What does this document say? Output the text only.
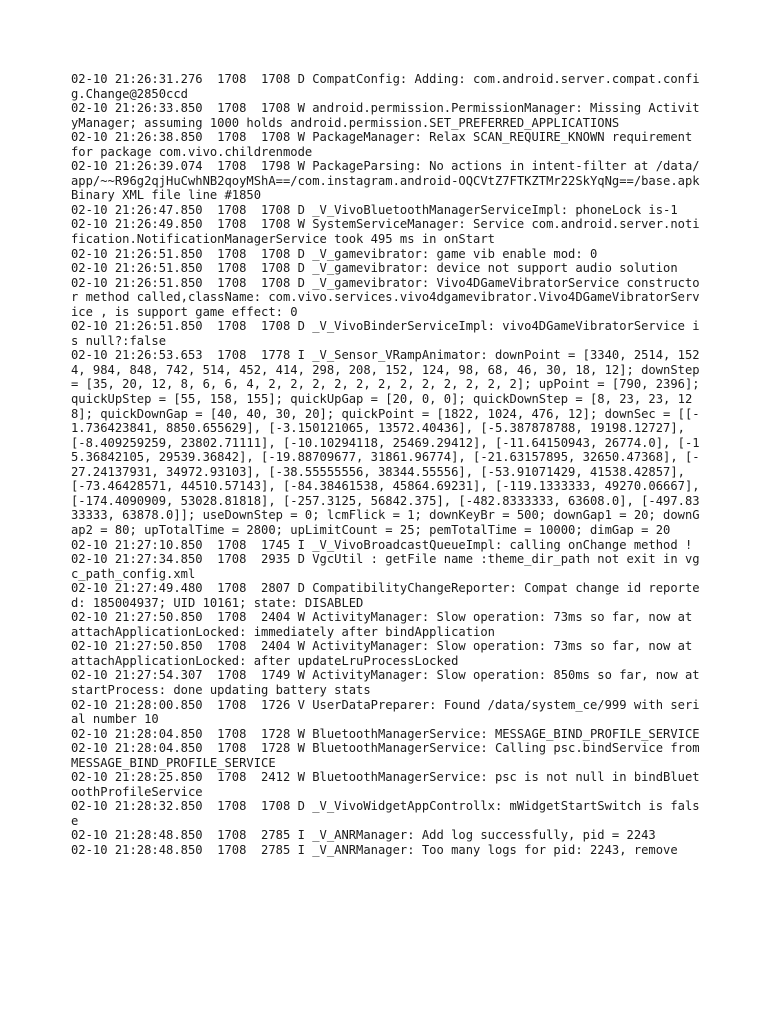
02-10 21:26:31.276  1708  1708 D CompatConfig: Adding: com.android.server.compat.config.Change@2850ccd

02-10 21:26:33.850  1708  1708 W android.permission.PermissionManager: Missing ActivityManager; assuming 1000 holds android.permission.SET_PREFERRED_APPLICATIONS

02-10 21:26:38.850  1708  1708 W PackageManager: Relax SCAN_REQUIRE_KNOWN requirement for package com.vivo.childrenmode

02-10 21:26:39.074  1708  1798 W PackageParsing: No actions in intent-filter at /data/app/~~R96g2qjHuCwhNB2qoyMShA==/com.instagram.android-OQCVtZ7FTKZTMr22SkYqNg==/base.apk Binary XML file line #1850

02-10 21:26:47.850  1708  1708 D _V_VivoBluetoothManagerServiceImpl: phoneLock is-1

02-10 21:26:49.850  1708  1708 W SystemServiceManager: Service com.android.server.notification.NotificationManagerService took 495 ms in onStart

02-10 21:26:51.850  1708  1708 D _V_gamevibrator: game vib enable mod: 0

02-10 21:26:51.850  1708  1708 D _V_gamevibrator: device not support audio solution

02-10 21:26:51.850  1708  1708 D _V_gamevibrator: Vivo4DGameVibratorService constructor method called,className: com.vivo.services.vivo4dgamevibrator.Vivo4DGameVibratorService , is support game effect: 0

02-10 21:26:51.850  1708  1708 D _V_VivoBinderServiceImpl: vivo4DGameVibratorService is null?:false

02-10 21:26:53.653  1708  1778 I _V_Sensor_VRampAnimator: downPoint = [3340, 2514, 1524, 984, 848, 742, 514, 452, 414, 298, 208, 152, 124, 98, 68, 46, 30, 18, 12]; downStep = [35, 20, 12, 8, 6, 6, 4, 2, 2, 2, 2, 2, 2, 2, 2, 2, 2, 2, 2]; upPoint = [790, 2396]; quickUpStep = [55, 158, 155]; quickUpGap = [20, 0, 0]; quickDownStep = [8, 23, 23, 128]; quickDownGap = [40, 40, 30, 20]; quickPoint = [1822, 1024, 476, 12]; downSec = [[-1.736423841, 8850.655629], [-3.150121065, 13572.40436], [-5.387878788, 19198.12727], [-8.409259259, 23802.71111], [-10.10294118, 25469.29412], [-11.64150943, 26774.0], [-15.36842105, 29539.36842], [-19.88709677, 31861.96774], [-21.63157895, 32650.47368], [-27.24137931, 34972.93103], [-38.55555556, 38344.55556], [-53.91071429, 41538.42857], [-73.46428571, 44510.57143], [-84.38461538, 45864.69231], [-119.1333333, 49270.06667], [-174.4090909, 53028.81818], [-257.3125, 56842.375], [-482.8333333, 63608.0], [-497.8333333, 63878.0]]; useDownStep = 0; lcmFlick = 1; downKeyBr = 500; downGap1 = 20; downGap2 = 80; upTotalTime = 2800; upLimitCount = 25; pemTotalTime = 10000; dimGap = 20

02-10 21:27:10.850  1708  1745 I _V_VivoBroadcastQueueImpl: calling onChange method !

02-10 21:27:34.850  1708  2935 D VgcUtil : getFile name :theme_dir_path not exit in vgc_path_config.xml

02-10 21:27:49.480  1708  2807 D CompatibilityChangeReporter: Compat change id reported: 185004937; UID 10161; state: DISABLED

02-10 21:27:50.850  1708  2404 W ActivityManager: Slow operation: 73ms so far, now at attachApplicationLocked: immediately after bindApplication

02-10 21:27:50.850  1708  2404 W ActivityManager: Slow operation: 73ms so far, now at attachApplicationLocked: after updateLruProcessLocked

02-10 21:27:54.307  1708  1749 W ActivityManager: Slow operation: 850ms so far, now at startProcess: done updating battery stats

02-10 21:28:00.850  1708  1726 V UserDataPreparer: Found /data/system_ce/999 with serial number 10

02-10 21:28:04.850  1708  1728 W BluetoothManagerService: MESSAGE_BIND_PROFILE_SERVICE

02-10 21:28:04.850  1708  1728 W BluetoothManagerService: Calling psc.bindService from MESSAGE_BIND_PROFILE_SERVICE

02-10 21:28:25.850  1708  2412 W BluetoothManagerService: psc is not null in bindBluetoothProfileService

02-10 21:28:32.850  1708  1708 D _V_VivoWidgetAppControllx: mWidgetStartSwitch is false

02-10 21:28:48.850  1708  2785 I _V_ANRManager: Add log successfully, pid = 2243

02-10 21:28:48.850  1708  2785 I _V_ANRManager: Too many logs for pid: 2243, remove
